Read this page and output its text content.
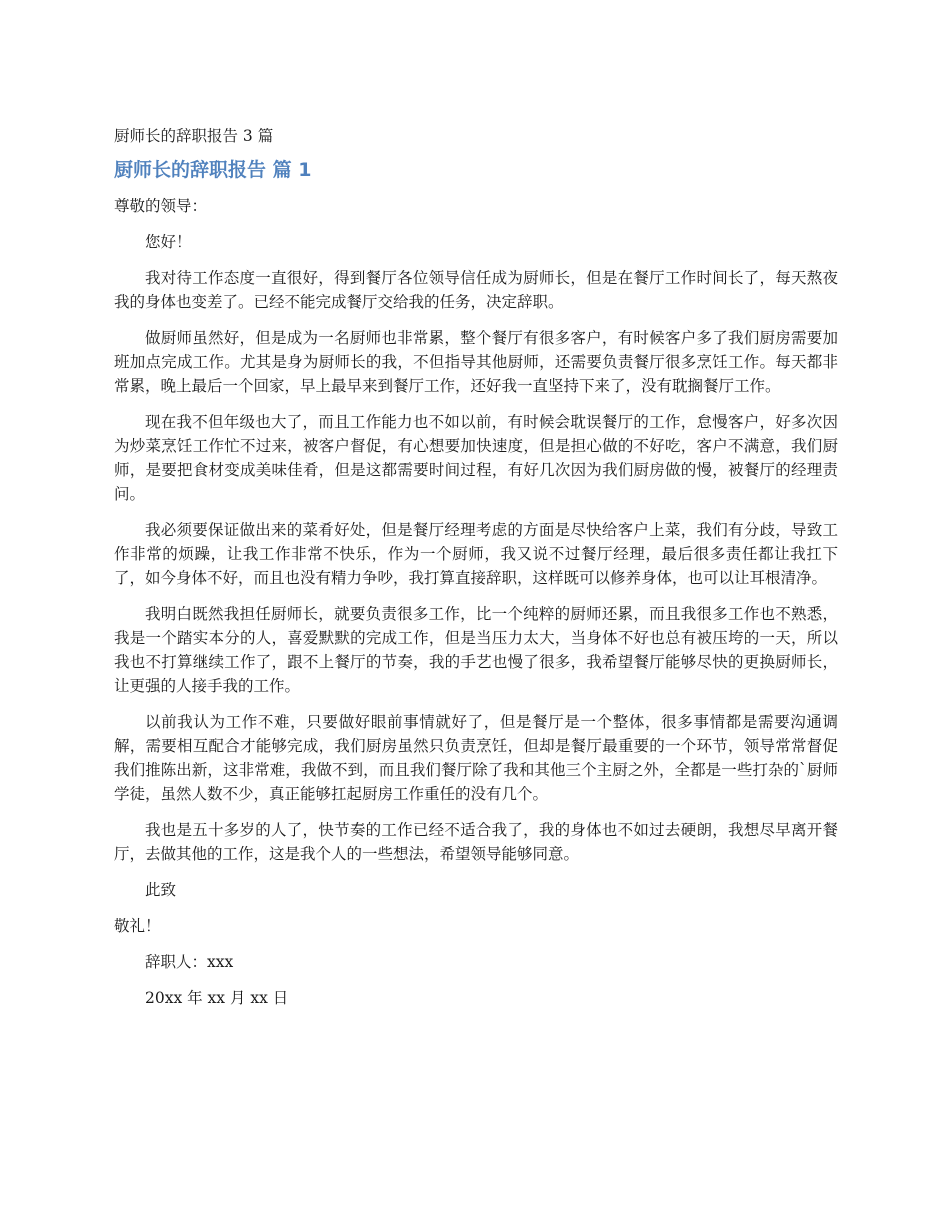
厨师长的辞职报告 3 篇

厨师长的辞职报告 篇 1

尊敬的领导：

您好！

我对待工作态度一直很好，得到餐厅各位领导信任成为厨师长，但是在餐厅工作时间长了，每天熬夜我的身体也变差了。已经不能完成餐厅交给我的任务，决定辞职。

做厨师虽然好，但是成为一名厨师也非常累，整个餐厅有很多客户，有时候客户多了我们厨房需要加班加点完成工作。尤其是身为厨师长的我，不但指导其他厨师，还需要负责餐厅很多烹饪工作。每天都非常累，晚上最后一个回家，早上最早来到餐厅工作，还好我一直坚持下来了，没有耽搁餐厅工作。

现在我不但年级也大了，而且工作能力也不如以前，有时候会耽误餐厅的工作，怠慢客户，好多次因为炒菜烹饪工作忙不过来，被客户督促，有心想要加快速度，但是担心做的不好吃，客户不满意，我们厨师，是要把食材变成美味佳肴，但是这都需要时间过程，有好几次因为我们厨房做的慢，被餐厅的经理责问。

我必须要保证做出来的菜肴好处，但是餐厅经理考虑的方面是尽快给客户上菜，我们有分歧，导致工作非常的烦躁，让我工作非常不快乐，作为一个厨师，我又说不过餐厅经理，最后很多责任都让我扛下了，如今身体不好，而且也没有精力争吵，我打算直接辞职，这样既可以修养身体，也可以让耳根清净。

我明白既然我担任厨师长，就要负责很多工作，比一个纯粹的厨师还累，而且我很多工作也不熟悉，我是一个踏实本分的人，喜爱默默的完成工作，但是当压力太大，当身体不好也总有被压垮的一天，所以我也不打算继续工作了，跟不上餐厅的节奏，我的手艺也慢了很多，我希望餐厅能够尽快的更换厨师长，让更强的人接手我的工作。

以前我认为工作不难，只要做好眼前事情就好了，但是餐厅是一个整体，很多事情都是需要沟通调解，需要相互配合才能够完成，我们厨房虽然只负责烹饪，但却是餐厅最重要的一个环节，领导常常督促我们推陈出新，这非常难，我做不到，而且我们餐厅除了我和其他三个主厨之外，全都是一些打杂的`厨师学徒，虽然人数不少，真正能够扛起厨房工作重任的没有几个。

我也是五十多岁的人了，快节奏的工作已经不适合我了，我的身体也不如过去硬朗，我想尽早离开餐厅，去做其他的工作，这是我个人的一些想法，希望领导能够同意。

此致

敬礼！

辞职人：xxx

20xx 年 xx 月 xx 日
